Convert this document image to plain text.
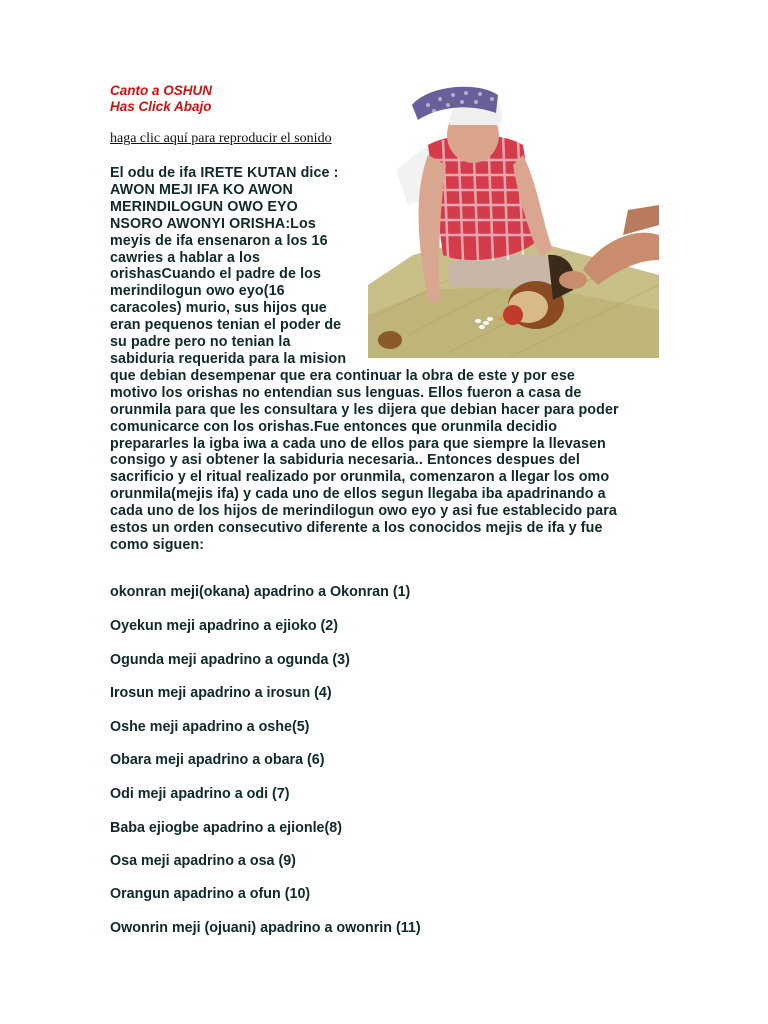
Canto a OSHUN
Has Click Abajo
haga clic aquí para reproducir el sonido
El odu de ifa IRETE KUTAN dice :
AWON MEJI IFA KO AWON
MERINDILOGUN OWO EYO
NSORO AWONYI ORISHA:Los
meyis de ifa ensenaron a los 16
cawries a hablar a los
orishasCuando el padre de los
merindilogun owo eyo(16
caracoles) murio, sus hijos que
eran pequenos tenian el poder de
su padre pero no tenian la
sabiduria requerida para la mision
que debian desempenar que era continuar la obra de este y por ese
motivo los orishas no entendian sus lenguas. Ellos fueron a casa de
orunmila para que les consultara y les dijera que debian hacer para poder
comunicarce con los orishas.Fue entonces que orunmila decidio
prepararles la igba iwa a cada uno de ellos para que siempre la llevasen
consigo y asi obtener la sabiduria necesaria.. Entonces despues del
sacrificio y el ritual realizado por orunmila, comenzaron a llegar los omo
orunmila(mejis ifa) y cada uno de ellos segun llegaba iba apadrinando a
cada uno de los hijos de merindilogun owo eyo y asi fue establecido para
estos un orden consecutivo diferente a los conocidos mejis de ifa y fue
como siguen:
okonran meji(okana) apadrino a Okonran (1)
Oyekun meji apadrino a ejioko (2)
Ogunda meji apadrino a ogunda (3)
Irosun meji apadrino a irosun (4)
Oshe meji apadrino a oshe(5)
Obara meji apadrino a obara (6)
Odi meji apadrino a odi (7)
Baba ejiogbe apadrino a ejionle(8)
Osa meji apadrino a osa (9)
Orangun apadrino a ofun (10)
Owonrin meji (ojuani) apadrino a owonrin (11)
